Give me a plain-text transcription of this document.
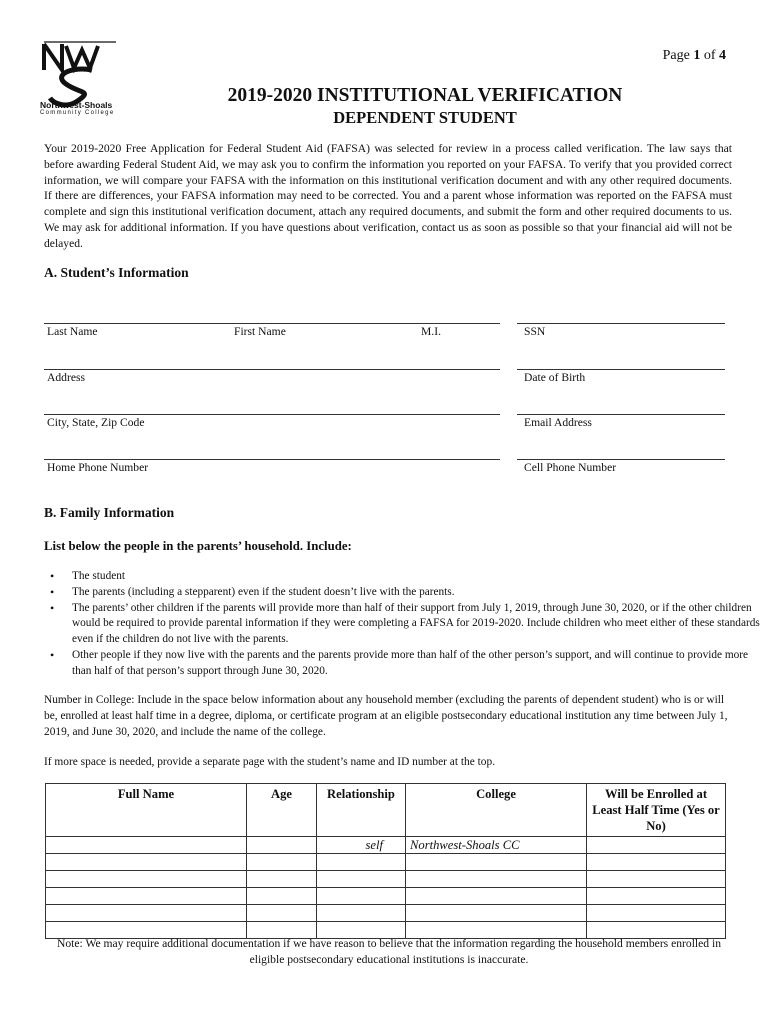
Northwest-Shoals
Community College
Page 1 of 4
2019-2020 INSTITUTIONAL VERIFICATION
DEPENDENT STUDENT
Your 2019-2020 Free Application for Federal Student Aid (FAFSA) was selected for review in a process called verification. The law says that before awarding Federal Student Aid, we may ask you to confirm the information you reported on your FAFSA. To verify that you provided correct information, we will compare your FAFSA with the information on this institutional verification document and with any other required documents. If there are differences, your FAFSA information may need to be corrected. You and a parent whose information was reported on the FAFSA must complete and sign this institutional verification document, attach any required documents, and submit the form and other required documents to us. We may ask for additional information. If you have questions about verification, contact us as soon as possible so that your financial aid will not be delayed.
A. Student’s Information
Last Name	First Name	M.I.	SSN
Address	Date of Birth
City, State, Zip Code	Email Address
Home Phone Number	Cell Phone Number
B. Family Information
List below the people in the parents’ household. Include:
• The student
• The parents (including a stepparent) even if the student doesn’t live with the parents.
• The parents’ other children if the parents will provide more than half of their support from July 1, 2019, through June 30, 2020, or if the other children would be required to provide parental information if they were completing a FAFSA for 2019-2020. Include children who meet either of these standards even if the children do not live with the parents.
• Other people if they now live with the parents and the parents provide more than half of the other person’s support, and will continue to provide more than half of that person’s support through June 30, 2020.
Number in College: Include in the space below information about any household member (excluding the parents of dependent student) who is or will be, enrolled at least half time in a degree, diploma, or certificate program at an eligible postsecondary educational institution any time between July 1, 2019, and June 30, 2020, and include the name of the college.
If more space is needed, provide a separate page with the student’s name and ID number at the top.
Full Name	Age	Relationship	College	Will be Enrolled at Least Half Time (Yes or No)
		self	Northwest-Shoals CC	

Note: We may require additional documentation if we have reason to believe that the information regarding the household members enrolled in eligible postsecondary educational institutions is inaccurate.
